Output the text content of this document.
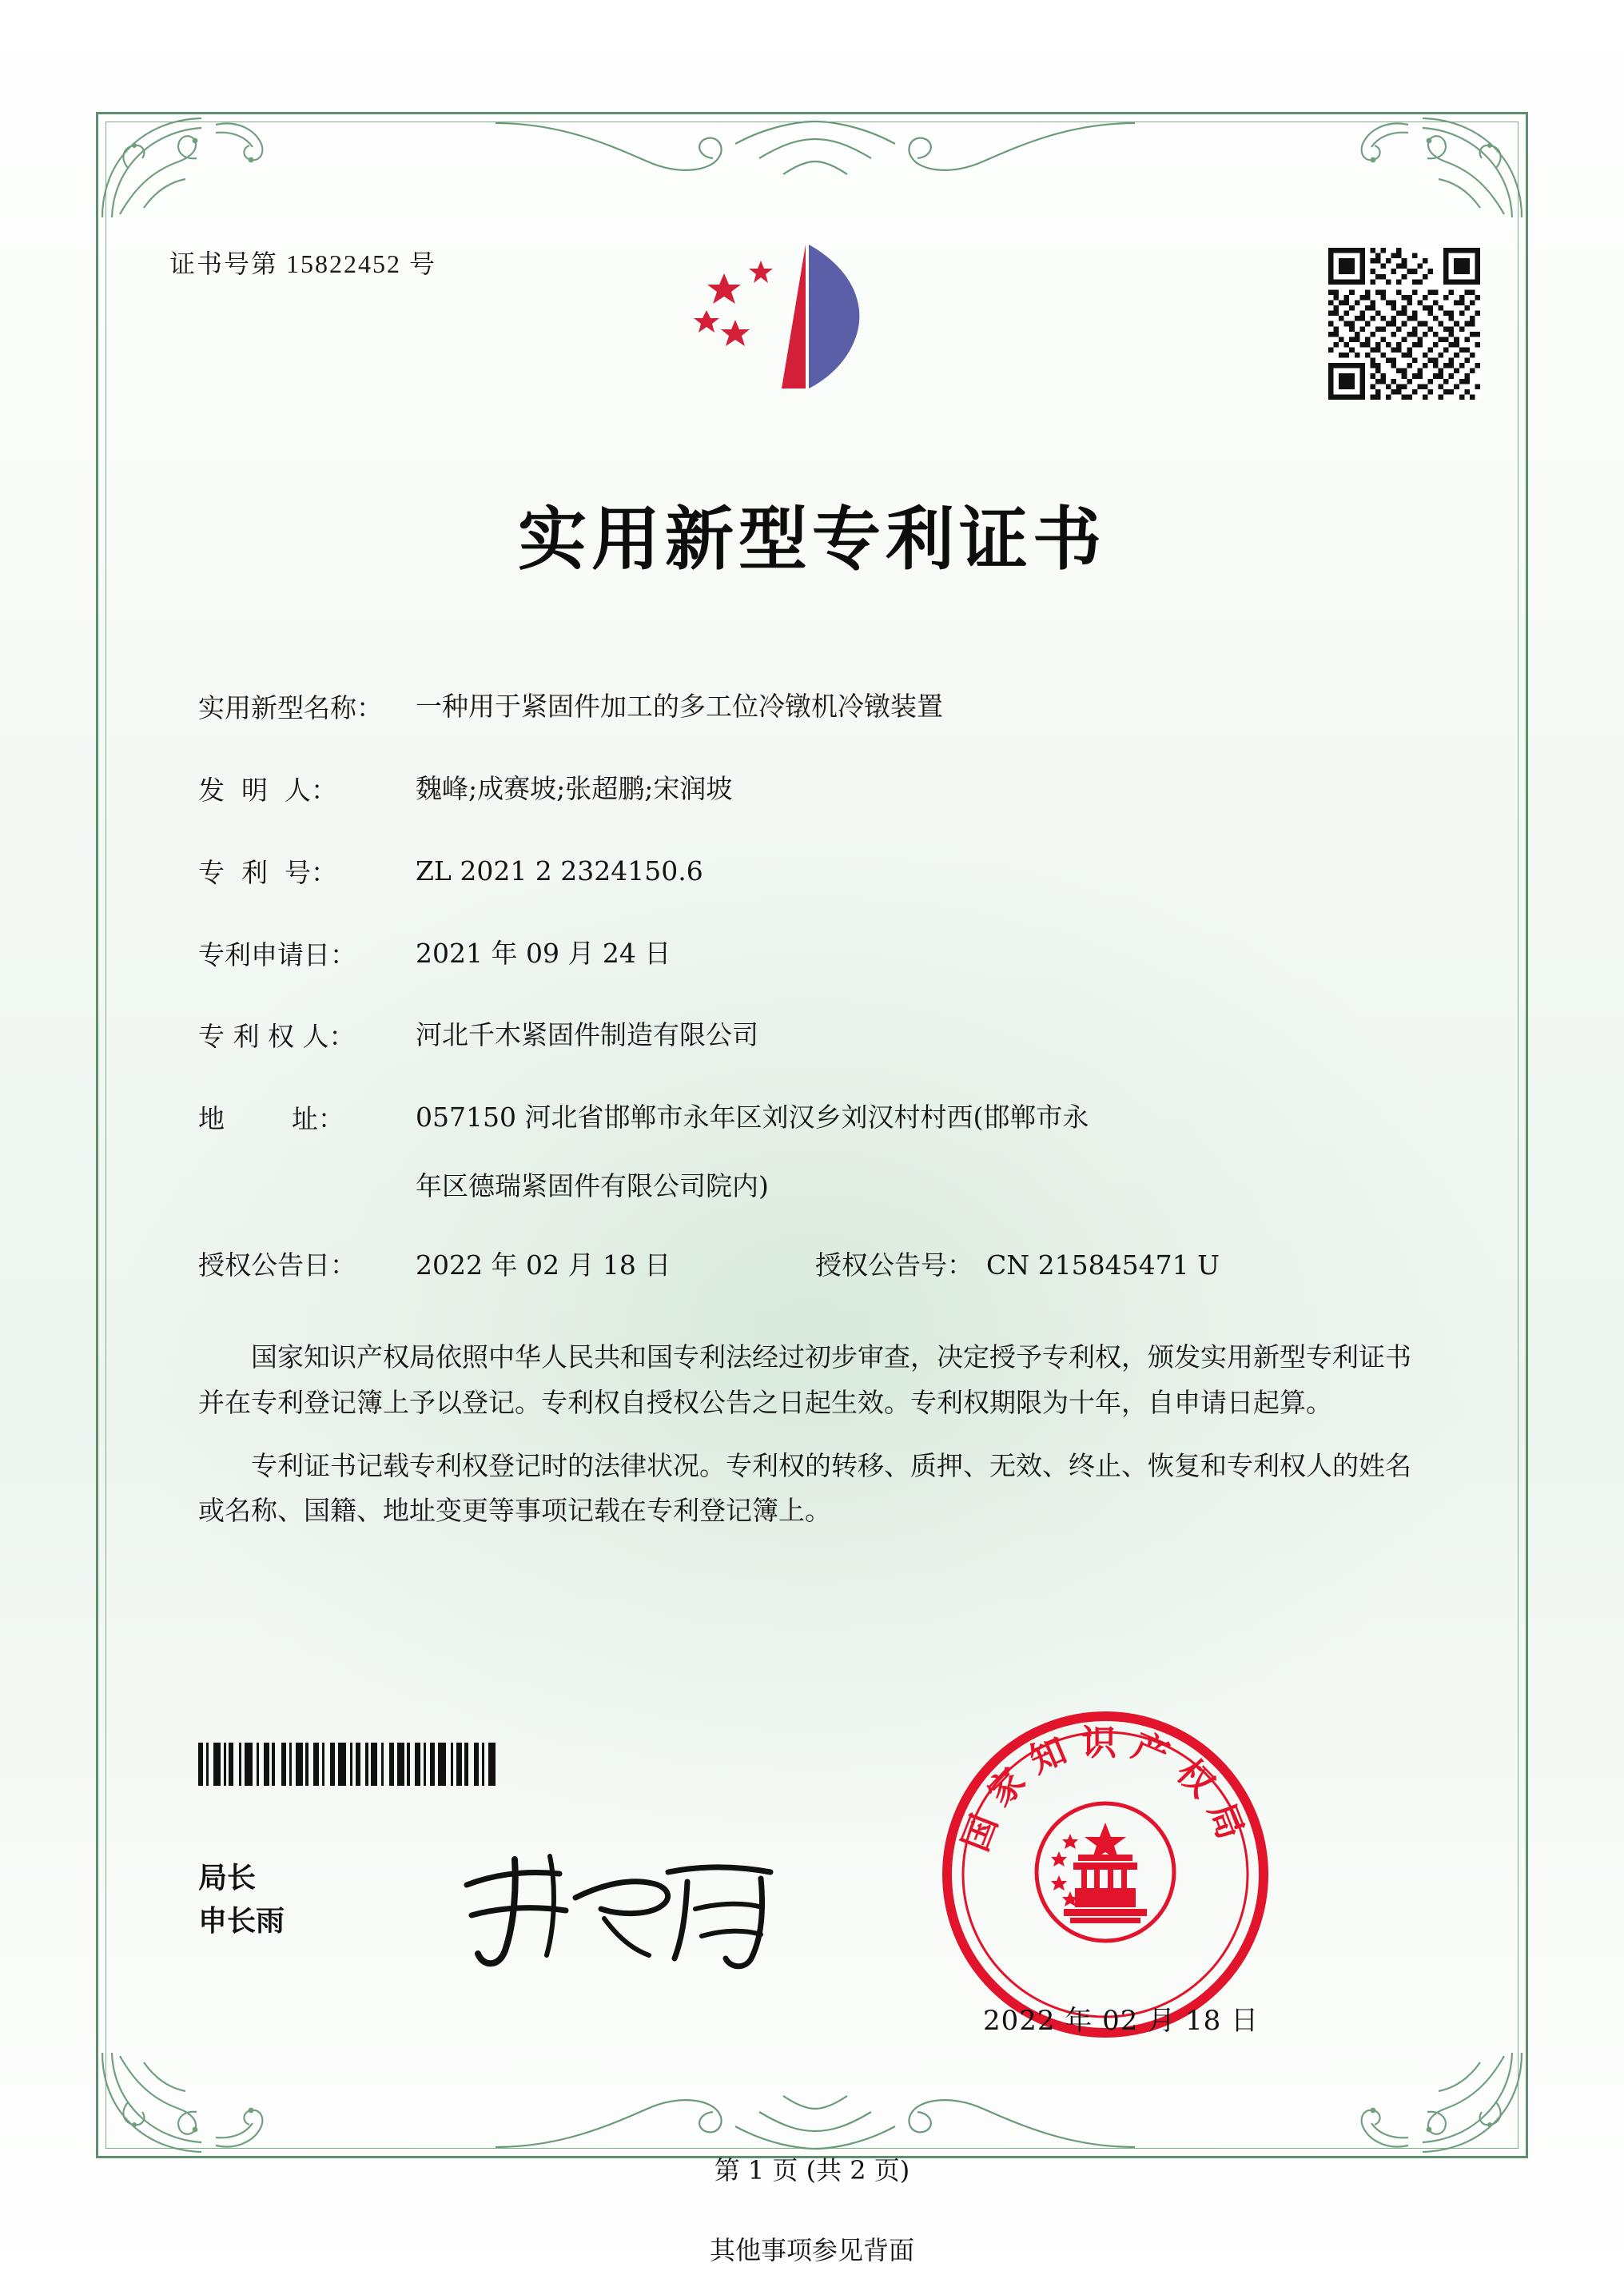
证书号第 15822452 号
实用新型专利证书
实用新型名称：	一种用于紧固件加工的多工位冷镦机冷镦装置
发  明  人：	魏峰;成赛坡;张超鹏;宋润坡
专  利  号：	ZL 2021 2 2324150.6
专利申请日：	2021 年 09 月 24 日
专 利 权 人：	河北千木紧固件制造有限公司
地        址：	057150 河北省邯郸市永年区刘汉乡刘汉村村西(邯郸市永
年区德瑞紧固件有限公司院内)
授权公告日：	2022 年 02 月 18 日	授权公告号： CN 215845471 U
国家知识产权局依照中华人民共和国专利法经过初步审查，决定授予专利权，颁发实用新型专利证书并在专利登记簿上予以登记。专利权自授权公告之日起生效。专利权期限为十年，自申请日起算。
专利证书记载专利权登记时的法律状况。专利权的转移、质押、无效、终止、恢复和专利权人的姓名或名称、国籍、地址变更等事项记载在专利登记簿上。
局长
申长雨
国家知识产权局
2022 年 02 月 18 日
第 1 页 (共 2 页)
其他事项参见背面
